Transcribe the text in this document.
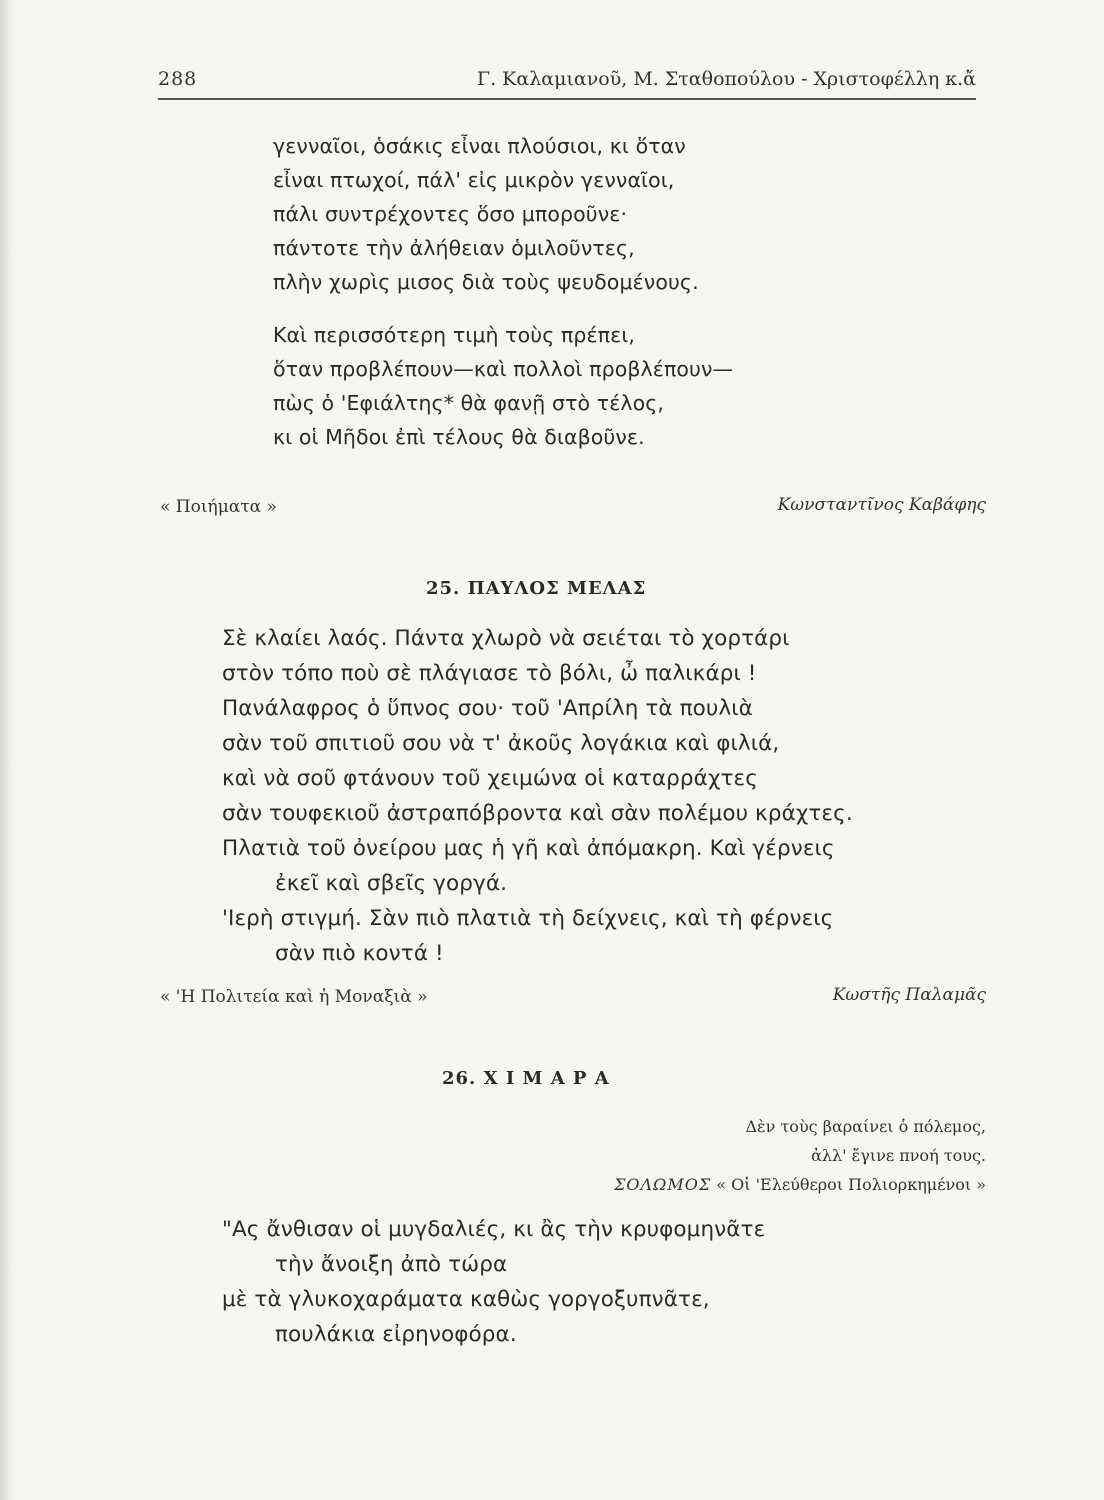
288	Γ. Καλαμιανοῦ, Μ. Σταθοπούλου - Χριστοφέλλη κ.ἄ
γενναῖοι, ὁσάκις εἶναι πλούσιοι, κι ὅταν
εἶναι πτωχοί, πάλ' εἰς μικρὸν γενναῖοι,
πάλι συντρέχοντες ὅσο μποροῦνε·
πάντοτε τὴν ἀλήθειαν ὁμιλοῦντες,
πλὴν χωρὶς μισος διὰ τοὺς ψευδομένους.
Καὶ περισσότερη τιμὴ τοὺς πρέπει,
ὅταν προβλέπουν—καὶ πολλοὶ προβλέπουν—
πὼς ὁ 'Εφιάλτης* θὰ φανῇ στὸ τέλος,
κι οἱ Μῆδοι ἐπὶ τέλους θὰ διαβοῦνε.
« Ποιήματα »	Κωνσταντῖνος Καβάφης
25. ΠΑΥΛΟΣ ΜΕΛΑΣ
Σὲ κλαίει λαός. Πάντα χλωρὸ νὰ σειέται τὸ χορτάρι
στὸν τόπο ποὺ σὲ πλάγιασε τὸ βόλι, ὦ παλικάρι !
Πανάλαφρος ὁ ὕπνος σου· τοῦ 'Απρίλη τὰ πουλιὰ
σὰν τοῦ σπιτιοῦ σου νὰ τ' ἀκοῦς λογάκια καὶ φιλιά,
καὶ νὰ σοῦ φτάνουν τοῦ χειμώνα οἱ καταρράχτες
σὰν τουφεκιοῦ ἀστραπόβροντα καὶ σὰν πολέμου κράχτες.
Πλατιὰ τοῦ ὀνείρου μας ἡ γῆ καὶ ἀπόμακρη. Καὶ γέρνεις
ἐκεῖ καὶ σβεῖς γοργά.
'Ιερὴ στιγμή. Σὰν πιὸ πλατιὰ τὴ δείχνεις, καὶ τὴ φέρνεις
σὰν πιὸ κοντά !
« 'Η Πολιτεία καὶ ἡ Μοναξιὰ »	Κωστῆς Παλαμᾶς
26. Χ Ι Μ Α Ρ Α
Δὲν τοὺς βαραίνει ὁ πόλεμος,
ἀλλ' ἔγινε πνοή τους.
ΣΟΛΩΜΟΣ « Οἱ 'Ελεύθεροι Πολιορκημένοι »
"Ας ἄνθισαν οἱ μυγδαλιές, κι ἂς τὴν κρυφομηνᾶτε
τὴν ἄνοιξη ἀπὸ τώρα
μὲ τὰ γλυκοχαράματα καθὼς γοργοξυπνᾶτε,
πουλάκια εἰρηνοφόρα.
